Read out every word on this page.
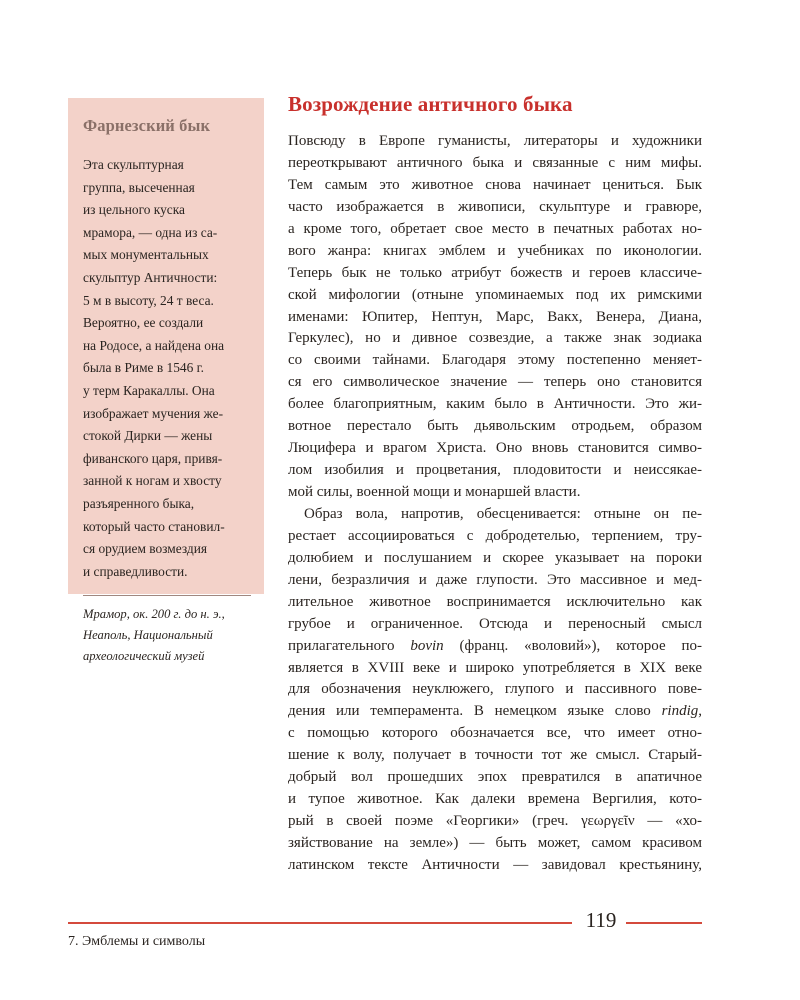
Фарнезский бык
Эта скульптурная
группа, высеченная
из цельного куска
мрамора, — одна из са-
мых монументальных
скульптур Античности:
5 м в высоту, 24 т веса.
Вероятно, ее создали
на Родосе, а найдена она
была в Риме в 1546 г.
у терм Каракаллы. Она
изображает мучения же-
стокой Дирки — жены
фиванского царя, привя-
занной к ногам и хвосту
разъяренного быка,
который часто становил-
ся орудием возмездия
и справедливости.
Мрамор, ок. 200 г. до н. э.,
Неаполь, Национальный
археологический музей
Возрождение античного быка
Повсюду в Европе гуманисты, литераторы и художники
переоткрывают античного быка и связанные с ним мифы.
Тем самым это животное снова начинает цениться. Бык
часто изображается в живописи, скульптуре и гравюре,
а кроме того, обретает свое место в печатных работах но-
вого жанра: книгах эмблем и учебниках по иконологии.
Теперь бык не только атрибут божеств и героев классиче-
ской мифологии (отныне упоминаемых под их римскими
именами: Юпитер, Нептун, Марс, Вакх, Венера, Диана,
Геркулес), но и дивное созвездие, а также знак зодиака
со своими тайнами. Благодаря этому постепенно меняет-
ся его символическое значение — теперь оно становится
более благоприятным, каким было в Античности. Это жи-
вотное перестало быть дьявольским отродьем, образом
Люцифера и врагом Христа. Оно вновь становится симво-
лом изобилия и процветания, плодовитости и неиссякае-
мой силы, военной мощи и монаршей власти.
Образ вола, напротив, обесценивается: отныне он пе-
рестает ассоциироваться с добродетелью, терпением, тру-
долюбием и послушанием и скорее указывает на пороки
лени, безразличия и даже глупости. Это массивное и мед-
лительное животное воспринимается исключительно как
грубое и ограниченное. Отсюда и переносный смысл
прилагательного bovin (франц. «воловий»), которое по-
является в XVIII веке и широко употребляется в XIX веке
для обозначения неуклюжего, глупого и пассивного пове-
дения или темперамента. В немецком языке слово rindig,
с помощью которого обозначается все, что имеет отно-
шение к волу, получает в точности тот же смысл. Старый-
добрый вол прошедших эпох превратился в апатичное
и тупое животное. Как далеки времена Вергилия, кото-
рый в своей поэме «Георгики» (греч. γεωργεῖν — «хо-
зяйствование на земле») — быть может, самом красивом
латинском тексте Античности — завидовал крестьянину,
119
7. Эмблемы и символы
